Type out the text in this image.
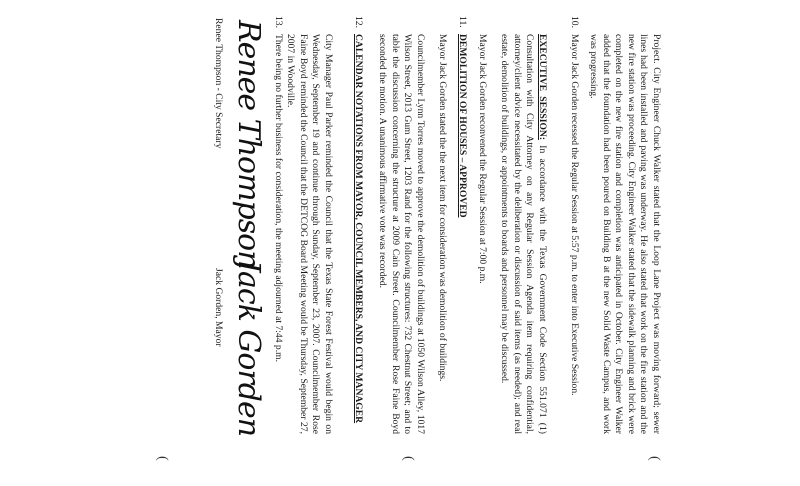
Project. City Engineer Chuck Walker stated that the Loop Lane Project was moving forward; sewer lines had been installed and paving was underway. He also stated that work on the fire station and the new fire station was proceeding. City Engineer Walker stated that the sidewalk planning and brick were completed on the new fire station and completion was anticipated in October. City Engineer Walker added that the foundation had been poured on Building B at the new Solid Waste Campus, and work was progressing.

10.

Mayor Jack Gorden recessed the Regular Session at 5:57 p.m. to enter into Executive Session.

EXECUTIVE SESSION: In accordance with the Texas Government Code Section 551.071 (1) Consultation with City Attorney on any Regular Session Agenda item requiring confidential, attorney/client advice necessitated by the deliberation or discussion of said items (as needed); and real estate, demolition of buildings, or appointments to boards and personnel may be discussed.

Mayor Jack Gorden reconvened the Regular Session at 7:00 p.m.

11.

DEMOLITION OF HOUSES – APPROVED

Mayor Jack Gorden stated the the next item for consideration was demolition of buildings.

Councilmember Lynn Torres moved to approve the demolition of buildings at 1050 Wilson Alley, 1017 Wilson Street, 2013 Gum Street, 1203 Rand for the following structures: 732 Chestnut Street; and to table the discussion concerning the structure at 2009 Cain Street. Councilmember Rose Faine Boyd seconded the motion. A unanimous affirmative vote was recorded.

12.

CALENDAR NOTATIONS FROM MAYOR, COUNCIL MEMBERS, AND CITY MANAGER

City Manager Paul Parker reminded the Council that the Texas State Forest Festival would begin on Wednesday, September 19 and continue through Sunday, September 23, 2007. Councilmember Rose Faine Boyd reminded the Council that the DETCOG Board Meeting would be Thursday, September 27, 2007 in Woodville.

13.

There being no further business for consideration, the meeting adjourned at 7:44 p.m.

Jack Gorden
Jack Gorden, Mayor
Renee Thompson
Renee Thompson - City Secretary
(
(
(
